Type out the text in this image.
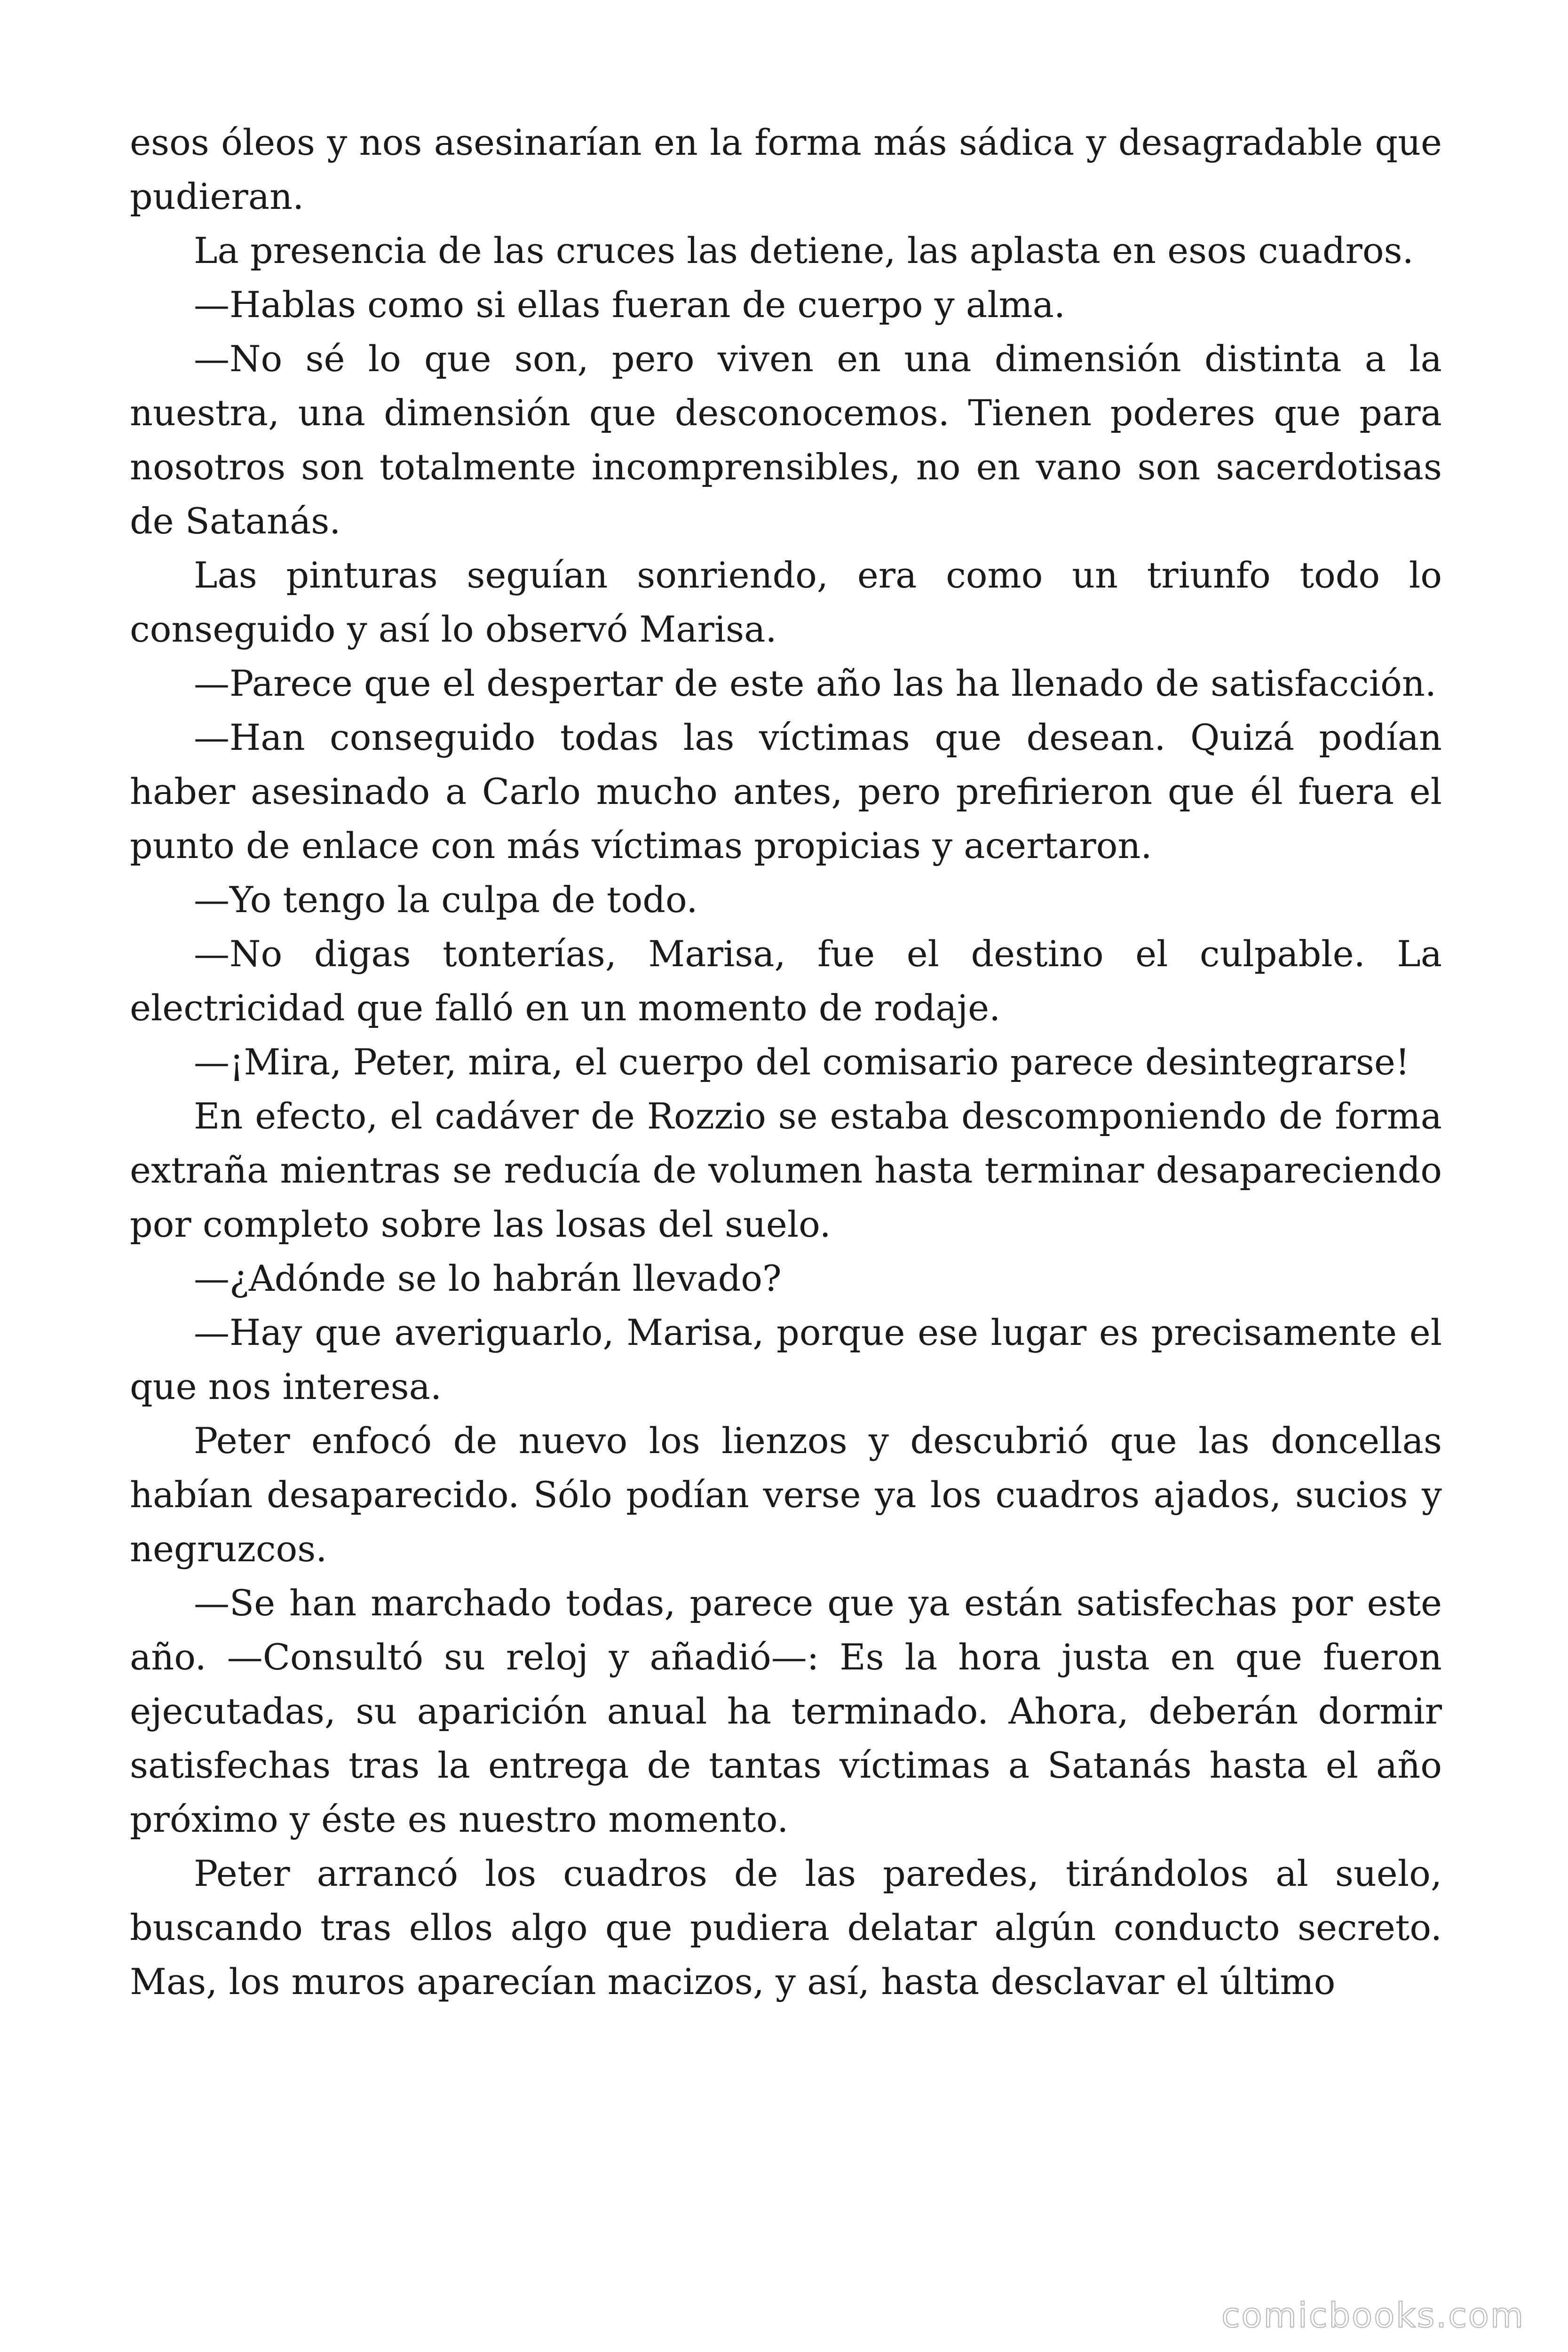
esos óleos y nos asesinarían en la forma más sádica y desagradable que pudieran.

La presencia de las cruces las detiene, las aplasta en esos cuadros.

—Hablas como si ellas fueran de cuerpo y alma.

—No sé lo que son, pero viven en una dimensión distinta a la nuestra, una dimensión que desconocemos. Tienen poderes que para nosotros son totalmente incomprensibles, no en vano son sacerdotisas de Satanás.

Las pinturas seguían sonriendo, era como un triunfo todo lo conseguido y así lo observó Marisa.

—Parece que el despertar de este año las ha llenado de satisfacción.

—Han conseguido todas las víctimas que desean. Quizá podían haber asesinado a Carlo mucho antes, pero prefirieron que él fuera el punto de enlace con más víctimas propicias y acertaron.

—Yo tengo la culpa de todo.

—No digas tonterías, Marisa, fue el destino el culpable. La electricidad que falló en un momento de rodaje.

—¡Mira, Peter, mira, el cuerpo del comisario parece desintegrarse!

En efecto, el cadáver de Rozzio se estaba descomponiendo de forma extraña mientras se reducía de volumen hasta terminar desapareciendo por completo sobre las losas del suelo.

—¿Adónde se lo habrán llevado?

—Hay que averiguarlo, Marisa, porque ese lugar es precisamente el que nos interesa.

Peter enfocó de nuevo los lienzos y descubrió que las doncellas habían desaparecido. Sólo podían verse ya los cuadros ajados, sucios y negruzcos.

—Se han marchado todas, parece que ya están satisfechas por este año. —Consultó su reloj y añadió—: Es la hora justa en que fueron ejecutadas, su aparición anual ha terminado. Ahora, deberán dormir satisfechas tras la entrega de tantas víctimas a Satanás hasta el año próximo y éste es nuestro momento.

Peter arrancó los cuadros de las paredes, tirándolos al suelo, buscando tras ellos algo que pudiera delatar algún conducto secreto. Mas, los muros aparecían macizos, y así, hasta desclavar el último

comicbooks.com
